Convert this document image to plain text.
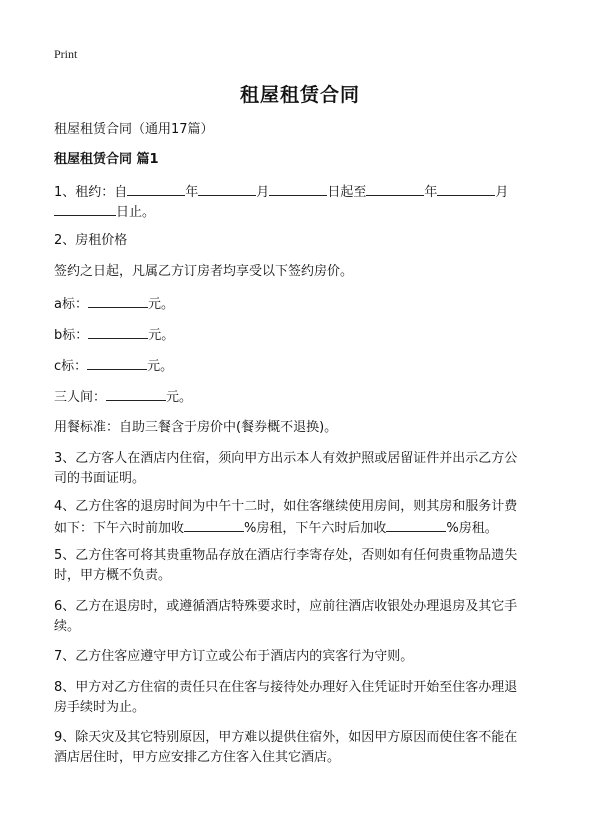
Print
租屋租赁合同
租屋租赁合同（通用17篇）
租屋租赁合同 篇1
1、租约：自	年	月	日起至	年	月
日止。
2、房租价格
签约之日起，凡属乙方订房者均享受以下签约房价。
a标：	元。
b标：	元。
c标：	元。
三人间：	元。
用餐标准：自助三餐含于房价中(餐券概不退换)。
3、乙方客人在酒店内住宿，须向甲方出示本人有效护照或居留证件并出示乙方公
司的书面证明。
4、乙方住客的退房时间为中午十二时，如住客继续使用房间，则其房和服务计费
如下：下午六时前加收	%房租，下午六时后加收	%房租。
5、乙方住客可将其贵重物品存放在酒店行李寄存处，否则如有任何贵重物品遗失
时，甲方概不负责。
6、乙方在退房时，或遵循酒店特殊要求时，应前往酒店收银处办理退房及其它手
续。
7、乙方住客应遵守甲方订立或公布于酒店内的宾客行为守则。
8、甲方对乙方住宿的责任只在住客与接待处办理好入住凭证时开始至住客办理退
房手续时为止。
9、除天灾及其它特别原因，甲方难以提供住宿外，如因甲方原因而使住客不能在
酒店居住时，甲方应安排乙方住客入住其它酒店。
